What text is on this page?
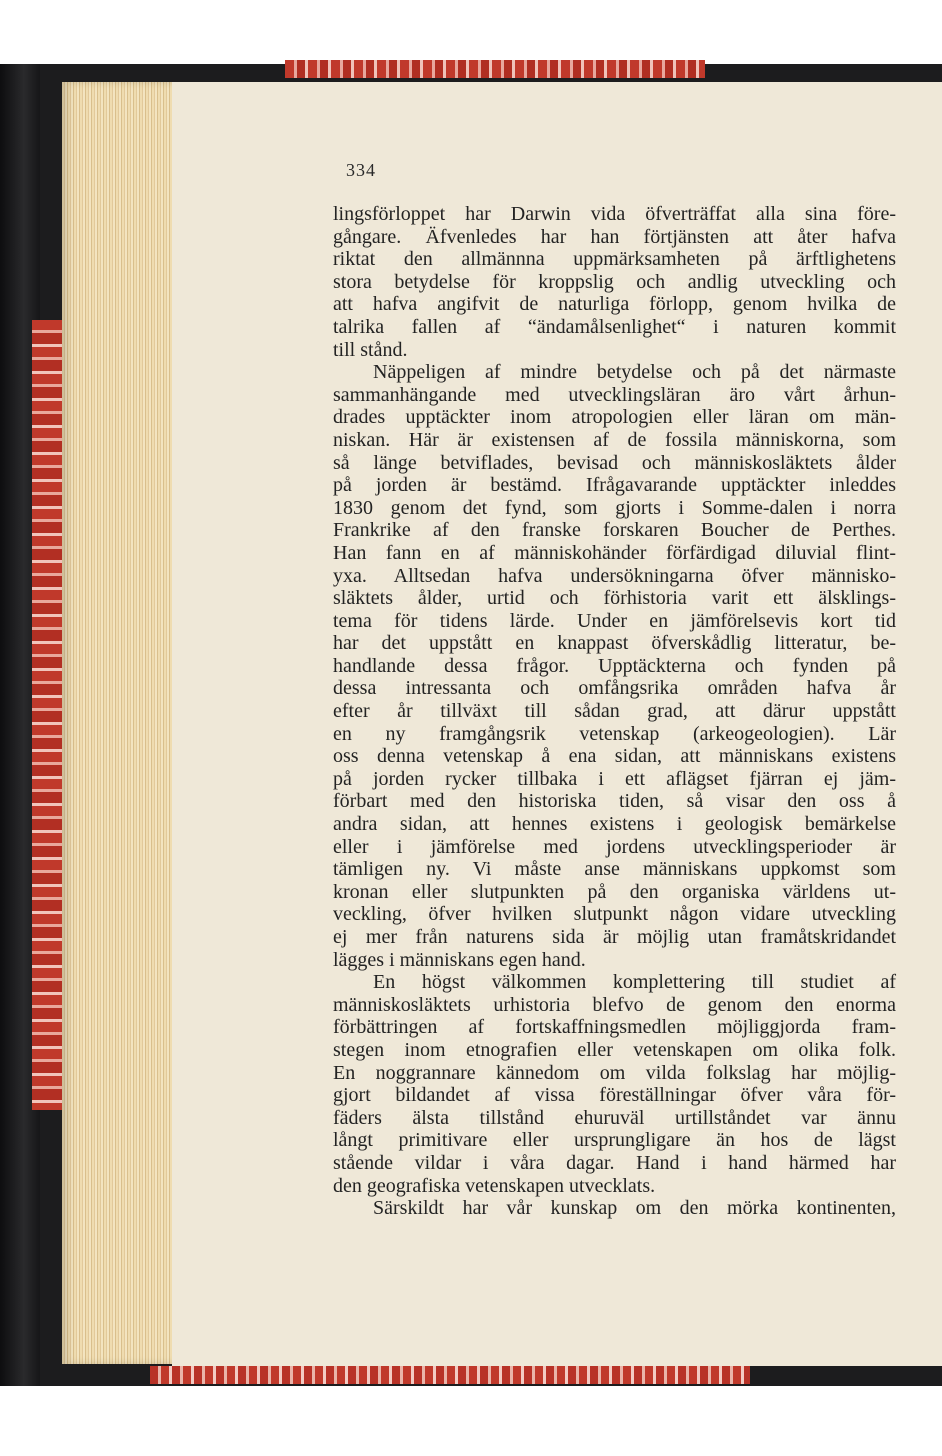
334
lingsförloppet har Darwin vida öfverträffat alla sina före-
gångare. Äfvenledes har han förtjänsten att åter hafva
riktat den allmännna uppmärksamheten på ärftlighetens
stora betydelse för kroppslig och andlig utveckling och
att hafva angifvit de naturliga förlopp, genom hvilka de
talrika fallen af “ändamålsenlighet“ i naturen kommit
till stånd.
Näppeligen af mindre betydelse och på det närmaste
sammanhängande med utvecklingsläran äro vårt århun-
drades upptäckter inom atropologien eller läran om män-
niskan. Här är existensen af de fossila människorna, som
så länge betviflades, bevisad och människosläktets ålder
på jorden är bestämd. Ifrågavarande upptäckter inleddes
1830 genom det fynd, som gjorts i Somme-dalen i norra
Frankrike af den franske forskaren Boucher de Perthes.
Han fann en af människohänder förfärdigad diluvial flint-
yxa. Alltsedan hafva undersökningarna öfver människo-
släktets ålder, urtid och förhistoria varit ett älsklings-
tema för tidens lärde. Under en jämförelsevis kort tid
har det uppstått en knappast öfverskådlig litteratur, be-
handlande dessa frågor. Upptäckterna och fynden på
dessa intressanta och omfångsrika områden hafva år
efter år tillväxt till sådan grad, att därur uppstått
en ny framgångsrik vetenskap (arkeogeologien). Lär
oss denna vetenskap å ena sidan, att människans existens
på jorden rycker tillbaka i ett aflägset fjärran ej jäm-
förbart med den historiska tiden, så visar den oss å
andra sidan, att hennes existens i geologisk bemärkelse
eller i jämförelse med jordens utvecklingsperioder är
tämligen ny. Vi måste anse människans uppkomst som
kronan eller slutpunkten på den organiska världens ut-
veckling, öfver hvilken slutpunkt någon vidare utveckling
ej mer från naturens sida är möjlig utan framåtskridandet
lägges i människans egen hand.
En högst välkommen komplettering till studiet af
människosläktets urhistoria blefvo de genom den enorma
förbättringen af fortskaffningsmedlen möjliggjorda fram-
stegen inom etnografien eller vetenskapen om olika folk.
En noggrannare kännedom om vilda folkslag har möjlig-
gjort bildandet af vissa föreställningar öfver våra för-
fäders älsta tillstånd ehuruväl urtillståndet var ännu
långt primitivare eller ursprungligare än hos de lägst
stående vildar i våra dagar. Hand i hand härmed har
den geografiska vetenskapen utvecklats.
Särskildt har vår kunskap om den mörka kontinenten,
